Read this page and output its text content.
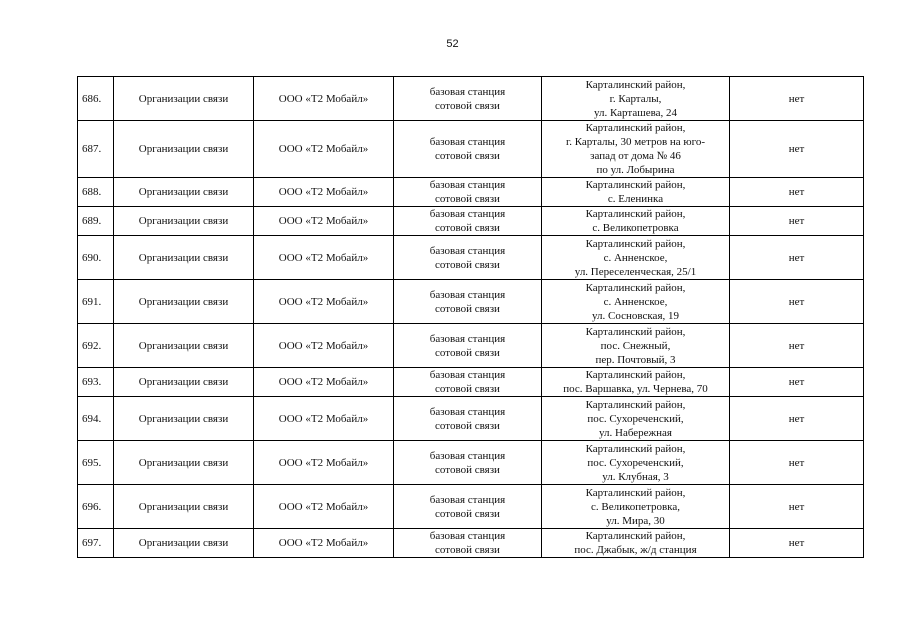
52
686.	Организации связи	ООО «Т2 Мобайл»	базовая станция
сотовой связи	Карталинский район,
г. Карталы,
ул. Карташева, 24	нет
687.	Организации связи	ООО «Т2 Мобайл»	базовая станция
сотовой связи	Карталинский район,
г. Карталы, 30 метров на юго-
запад от дома № 46
по ул. Лобырина	нет
688.	Организации связи	ООО «Т2 Мобайл»	базовая станция
сотовой связи	Карталинский район,
с. Еленинка	нет
689.	Организации связи	ООО «Т2 Мобайл»	базовая станция
сотовой связи	Карталинский район,
с. Великопетровка	нет
690.	Организации связи	ООО «Т2 Мобайл»	базовая станция
сотовой связи	Карталинский район,
с. Анненское,
ул. Переселенческая, 25/1	нет
691.	Организации связи	ООО «Т2 Мобайл»	базовая станция
сотовой связи	Карталинский район,
с. Анненское,
ул. Сосновская, 19	нет
692.	Организации связи	ООО «Т2 Мобайл»	базовая станция
сотовой связи	Карталинский район,
пос. Снежный,
пер. Почтовый, 3	нет
693.	Организации связи	ООО «Т2 Мобайл»	базовая станция
сотовой связи	Карталинский район,
пос. Варшавка, ул. Чернева, 70	нет
694.	Организации связи	ООО «Т2 Мобайл»	базовая станция
сотовой связи	Карталинский район,
пос. Сухореченский,
ул. Набережная	нет
695.	Организации связи	ООО «Т2 Мобайл»	базовая станция
сотовой связи	Карталинский район,
пос. Сухореченский,
ул. Клубная, 3	нет
696.	Организации связи	ООО «Т2 Мобайл»	базовая станция
сотовой связи	Карталинский район,
с. Великопетровка,
ул. Мира, 30	нет
697.	Организации связи	ООО «Т2 Мобайл»	базовая станция
сотовой связи	Карталинский район,
пос. Джабык, ж/д станция	нет
